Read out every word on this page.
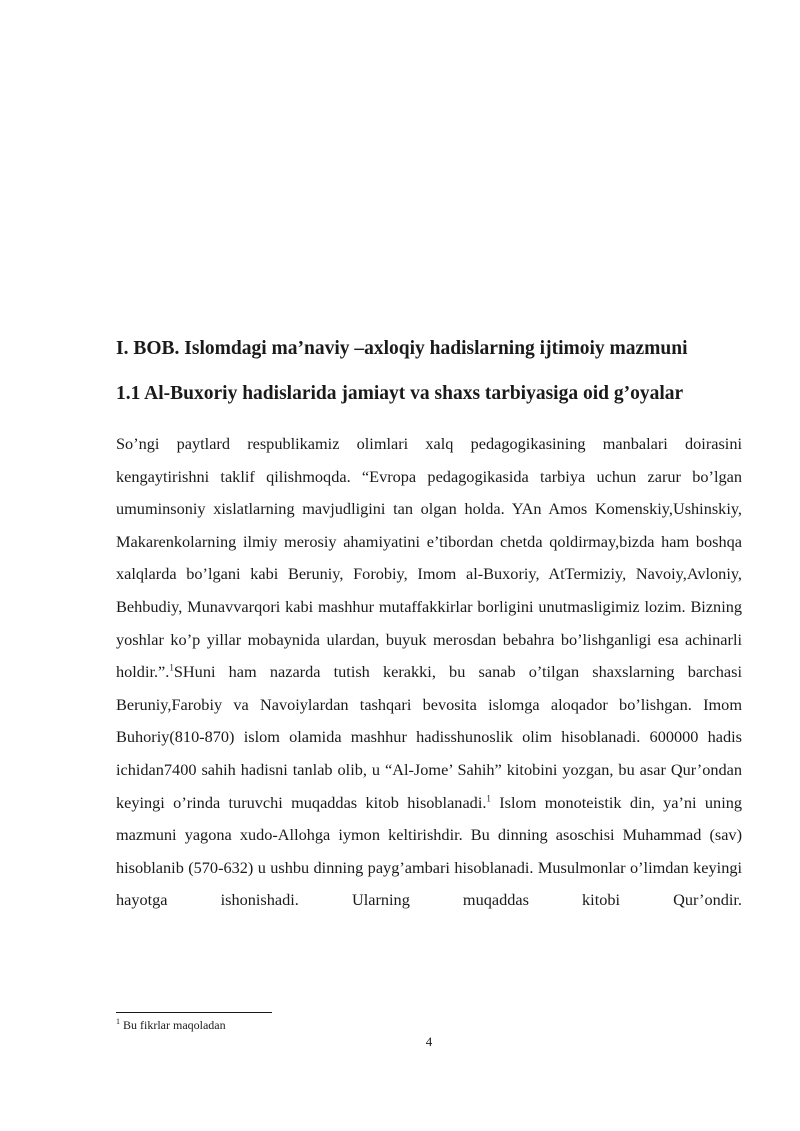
I. BOB. Islomdagi ma’naviy –axloqiy hadislarning ijtimoiy mazmuni
1.1 Al-Buxoriy hadislarida jamiayt va shaxs tarbiyasiga oid g’oyalar

So’ngi paytlard respublikamiz olimlari xalq pedagogikasining manbalari doirasini kengaytirishni taklif qilishmoqda. “Evropa pedagogikasida tarbiya uchun zarur bo’lgan umuminsoniy xislatlarning mavjudligini tan olgan holda. YAn Amos Komenskiy,Ushinskiy, Makarenkolarning ilmiy merosiy ahamiyatini e’tibordan chetda qoldirmay,bizda ham boshqa xalqlarda bo’lgani kabi Beruniy, Forobiy, Imom al-Buxoriy, AtTermiziy, Navoiy,Avloniy, Behbudiy, Munavvarqori kabi mashhur mutaffakkirlar borligini unutmasligimiz lozim. Bizning yoshlar ko’p yillar mobaynida ulardan, buyuk merosdan bebahra bo’lishganligi esa achinarli holdir.”.$^1$SHuni ham nazarda tutish kerakki, bu sanab o’tilgan shaxslarning barchasi Beruniy,Farobiy va Navoiylardan tashqari bevosita islomga aloqador bo’lishgan. Imom Buhoriy(810-870) islom olamida mashhur hadisshunoslik olim hisoblanadi. 600000 hadis ichidan7400 sahih hadisni tanlab olib, u “Al-Jome’ Sahih” kitobini yozgan, bu asar Qur’ondan keyingi o’rinda turuvchi muqaddas kitob hisoblanadi.$^1$ Islom monoteistik din, ya’ni uning mazmuni yagona xudo-Allohga iymon keltirishdir. Bu dinning asoschisi Muhammad (sav) hisoblanib (570-632) u ushbu dinning payg’ambari hisoblanadi. Musulmonlar o’limdan keyingi hayotga ishonishadi. Ularning muqaddas kitobi Qur’ondir.

$^1$ Bu fikrlar maqoladan
4
